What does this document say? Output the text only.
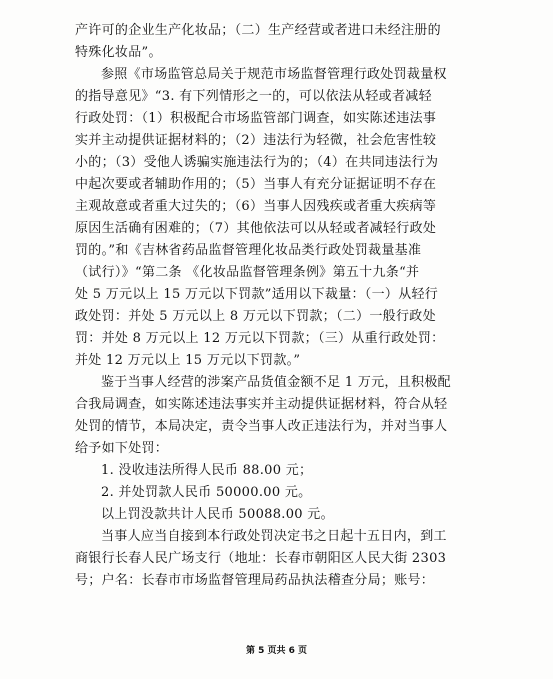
产许可的企业生产化妆品；（二）生产经营或者进口未经注册的
特殊化妆品”。
参照《市场监管总局关于规范市场监督管理行政处罚裁量权
的指导意见》“3. 有下列情形之一的，可以依法从轻或者减轻
行政处罚：（1）积极配合市场监管部门调查，如实陈述违法事
实并主动提供证据材料的；（2）违法行为轻微，社会危害性较
小的；（3）受他人诱骗实施违法行为的；（4）在共同违法行为
中起次要或者辅助作用的；（5）当事人有充分证据证明不存在
主观故意或者重大过失的；（6）当事人因残疾或者重大疾病等
原因生活确有困难的；（7）其他依法可以从轻或者减轻行政处
罚的。”和《吉林省药品监督管理化妆品类行政处罚裁量基准
（试行）》“第二条 《化妆品监督管理条例》第五十九条“并
处 5 万元以上 15 万元以下罚款”适用以下裁量：（一）从轻行
政处罚：并处 5 万元以上 8 万元以下罚款；（二）一般行政处
罚：并处 8 万元以上 12 万元以下罚款；（三）从重行政处罚：
并处 12 万元以上 15 万元以下罚款。”
鉴于当事人经营的涉案产品货值金额不足 1 万元，且积极配
合我局调查，如实陈述违法事实并主动提供证据材料，符合从轻
处罚的情节，本局决定，责令当事人改正违法行为，并对当事人
给予如下处罚：
1. 没收违法所得人民币 88.00 元；
2. 并处罚款人民币 50000.00 元。
以上罚没款共计人民币 50088.00 元。
当事人应当自接到本行政处罚决定书之日起十五日内，到工
商银行长春人民广场支行（地址：长春市朝阳区人民大街 2303
号；户名：长春市市场监督管理局药品执法稽查分局；账号：
第 5 页共 6 页
